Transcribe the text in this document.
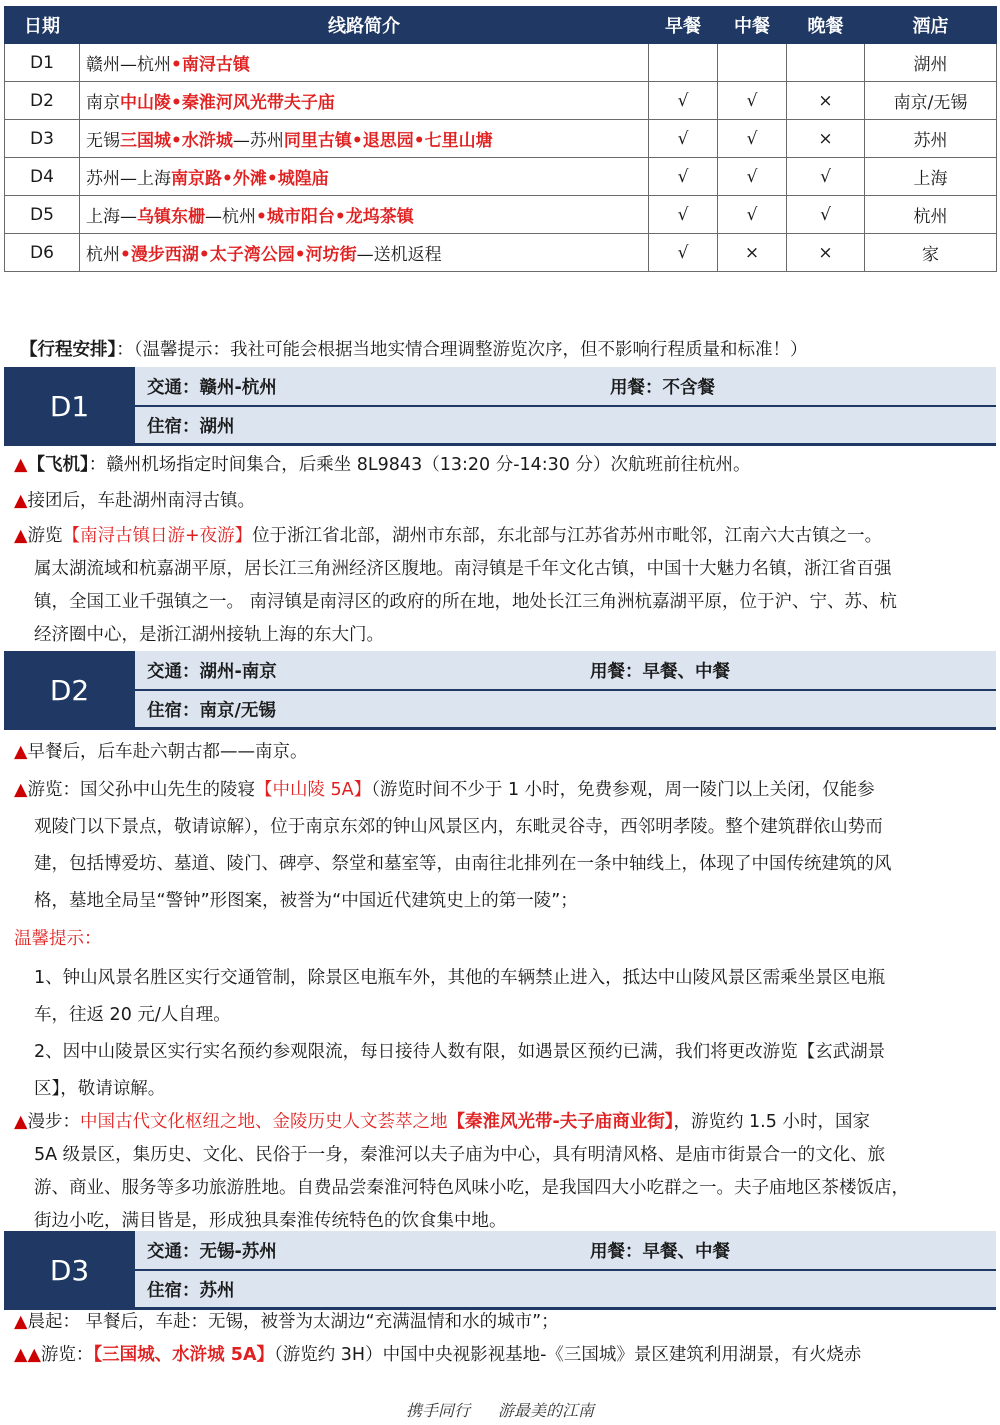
日期	线路简介	早餐	中餐	晚餐	酒店
D1	赣州—杭州•南浔古镇				湖州
D2	南京中山陵•秦淮河风光带夫子庙	√	√	×	南京/无锡
D3	无锡三国城•水浒城—苏州同里古镇•退思园•七里山塘	√	√	×	苏州
D4	苏州—上海南京路•外滩•城隍庙	√	√	√	上海
D5	上海—乌镇东栅—杭州•城市阳台•龙坞茶镇	√	√	√	杭州
D6	杭州•漫步西湖•太子湾公园•河坊街—送机返程	√	×	×	家
【行程安排】：（温馨提示：我社可能会根据当地实情合理调整游览次序，但不影响行程质量和标准！）
D1
交通：赣州-杭州	用餐：不含餐
住宿：湖州
▲【飞机】：赣州机场指定时间集合，后乘坐 8L9843（13:20 分-14:30 分）次航班前往杭州。
▲接团后，车赴湖州南浔古镇。
▲游览【南浔古镇日游+夜游】位于浙江省北部，湖州市东部，东北部与江苏省苏州市毗邻，江南六大古镇之一。
属太湖流域和杭嘉湖平原，居长江三角洲经济区腹地。南浔镇是千年文化古镇，中国十大魅力名镇，浙江省百强
镇，全国工业千强镇之一。 南浔镇是南浔区的政府的所在地，地处长江三角洲杭嘉湖平原，位于沪、宁、苏、杭
经济圈中心，是浙江湖州接轨上海的东大门。
D2
交通：湖州-南京	用餐：早餐、中餐
住宿：南京/无锡
▲早餐后，后车赴六朝古都——南京。
▲游览：国父孙中山先生的陵寝【中山陵 5A】（游览时间不少于 1 小时，免费参观，周一陵门以上关闭，仅能参
观陵门以下景点，敬请谅解），位于南京东郊的钟山风景区内，东毗灵谷寺，西邻明孝陵。整个建筑群依山势而
建，包括博爱坊、墓道、陵门、碑亭、祭堂和墓室等，由南往北排列在一条中轴线上，体现了中国传统建筑的风
格，墓地全局呈“警钟”形图案，被誉为“中国近代建筑史上的第一陵”；
温馨提示：
1、钟山风景名胜区实行交通管制，除景区电瓶车外，其他的车辆禁止进入，抵达中山陵风景区需乘坐景区电瓶
车，往返 20 元/人自理。
2、因中山陵景区实行实名预约参观限流，每日接待人数有限，如遇景区预约已满，我们将更改游览【玄武湖景
区】，敬请谅解。
▲漫步：中国古代文化枢纽之地、金陵历史人文荟萃之地【秦淮风光带-夫子庙商业街】，游览约 1.5 小时，国家
5A 级景区，集历史、文化、民俗于一身，秦淮河以夫子庙为中心，具有明清风格、是庙市街景合一的文化、旅
游、商业、服务等多功旅游胜地。自费品尝秦淮河特色风味小吃，是我国四大小吃群之一。夫子庙地区茶楼饭店，
街边小吃，满目皆是，形成独具秦淮传统特色的饮食集中地。
D3
交通：无锡-苏州	用餐：早餐、中餐
住宿：苏州
▲晨起： 早餐后，车赴：无锡，被誉为太湖边“充满温情和水的城市”；
▲▲游览：【三国城、水浒城 5A】（游览约 3H）中国中央视影视基地-《三国城》景区建筑利用湖景，有火烧赤
携手同行 游最美的江南
